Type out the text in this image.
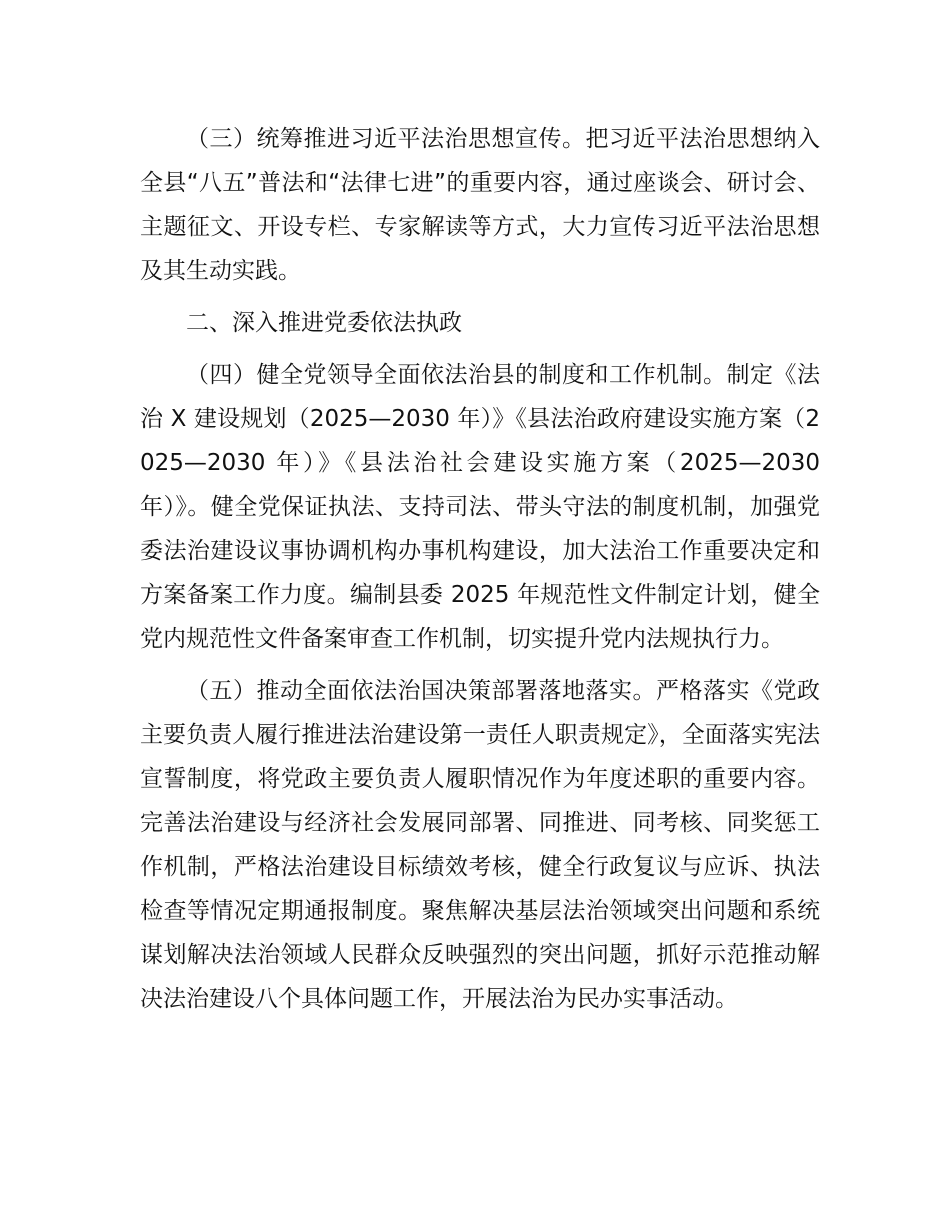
（三）统筹推进习近平法治思想宣传。把习近平法治思想纳入全县“八五”普法和“法律七进”的重要内容，通过座谈会、研讨会、主题征文、开设专栏、专家解读等方式，大力宣传习近平法治思想及其生动实践。

二、深入推进党委依法执政

（四）健全党领导全面依法治县的制度和工作机制。制定《法治 X 建设规划（2025—2030 年）》《县法治政府建设实施方案（2025—2030 年）》《县法治社会建设实施方案（2025—2030 年）》。健全党保证执法、支持司法、带头守法的制度机制，加强党委法治建设议事协调机构办事机构建设，加大法治工作重要决定和方案备案工作力度。编制县委 2025 年规范性文件制定计划，健全党内规范性文件备案审查工作机制，切实提升党内法规执行力。

（五）推动全面依法治国决策部署落地落实。严格落实《党政主要负责人履行推进法治建设第一责任人职责规定》，全面落实宪法宣誓制度，将党政主要负责人履职情况作为年度述职的重要内容。完善法治建设与经济社会发展同部署、同推进、同考核、同奖惩工作机制，严格法治建设目标绩效考核，健全行政复议与应诉、执法检查等情况定期通报制度。聚焦解决基层法治领域突出问题和系统谋划解决法治领域人民群众反映强烈的突出问题，抓好示范推动解决法治建设八个具体问题工作，开展法治为民办实事活动。
